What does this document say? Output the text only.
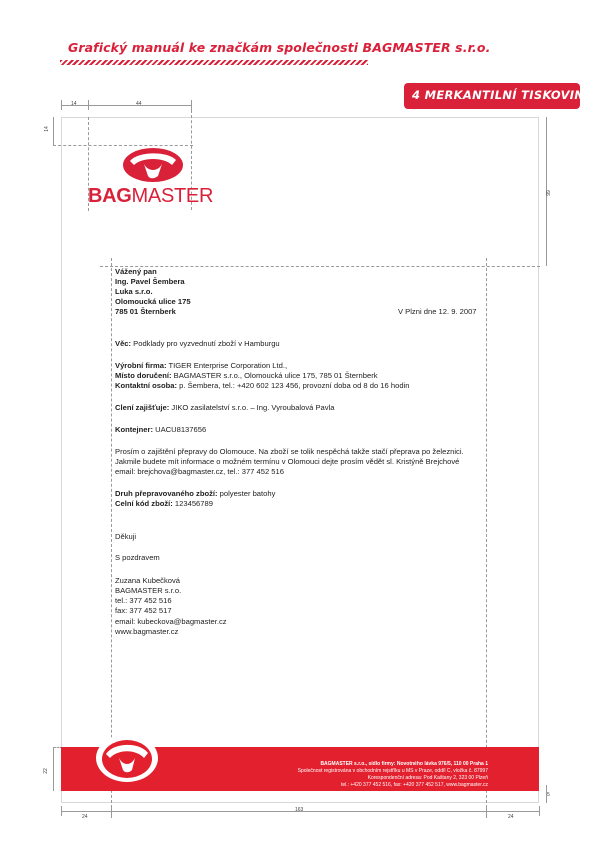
Grafický manuál ke značkám společnosti BAGMASTER s.r.o.
4 MERKANTILNÍ TISKOVINY
14	44
14
99
22
24
163
24
5
BAGMASTER
Vážený pan
Ing. Pavel Šembera
Luka s.r.o.
Olomoucká ulice 175
785 01 Šternberk	V Plzni dne 12. 9. 2007
Věc: Podklady pro vyzvednutí zboží v Hamburgu
Výrobní firma: TIGER Enterprise Corporation Ltd.,
Místo doručení: BAGMASTER s.r.o., Olomoucká ulice 175, 785 01 Šternberk
Kontaktní osoba: p. Šembera, tel.: +420 602 123 456, provozní doba od 8 do 16 hodin
Clení zajišťuje: JIKO zasilatelství s.r.o. – Ing. Vyroubalová Pavla
Kontejner: UACU8137656
Prosím o zajištění přepravy do Olomouce. Na zboží se tolik nespěchá takže stačí přeprava po železnici.
Jakmile budete mít informace o možném termínu v Olomouci dejte prosím vědět sl. Kristýně Brejchové
email: brejchova@bagmaster.cz, tel.: 377 452 516
Druh přepravovaného zboží: polyester batohy
Celní kód zboží: 123456789
Děkuji
S pozdravem
Zuzana Kubečková
BAGMASTER s.r.o.
tel.: 377 452 516
fax: 377 452 517
email: kubeckova@bagmaster.cz
www.bagmaster.cz
BAGMASTER s.r.o., sídlo firmy: Novotného lávka 976/5, 110 00 Praha 1
Společnost registrována v obchodním rejstříku u MS v Praze, oddíl C, vložka č. 87997
Korespondenční adresa: Pod Kaštany 2, 323 00 Plzeň
tel.: +420 377 452 516, fax: +420 377 452 517, www.bagmaster.cz
